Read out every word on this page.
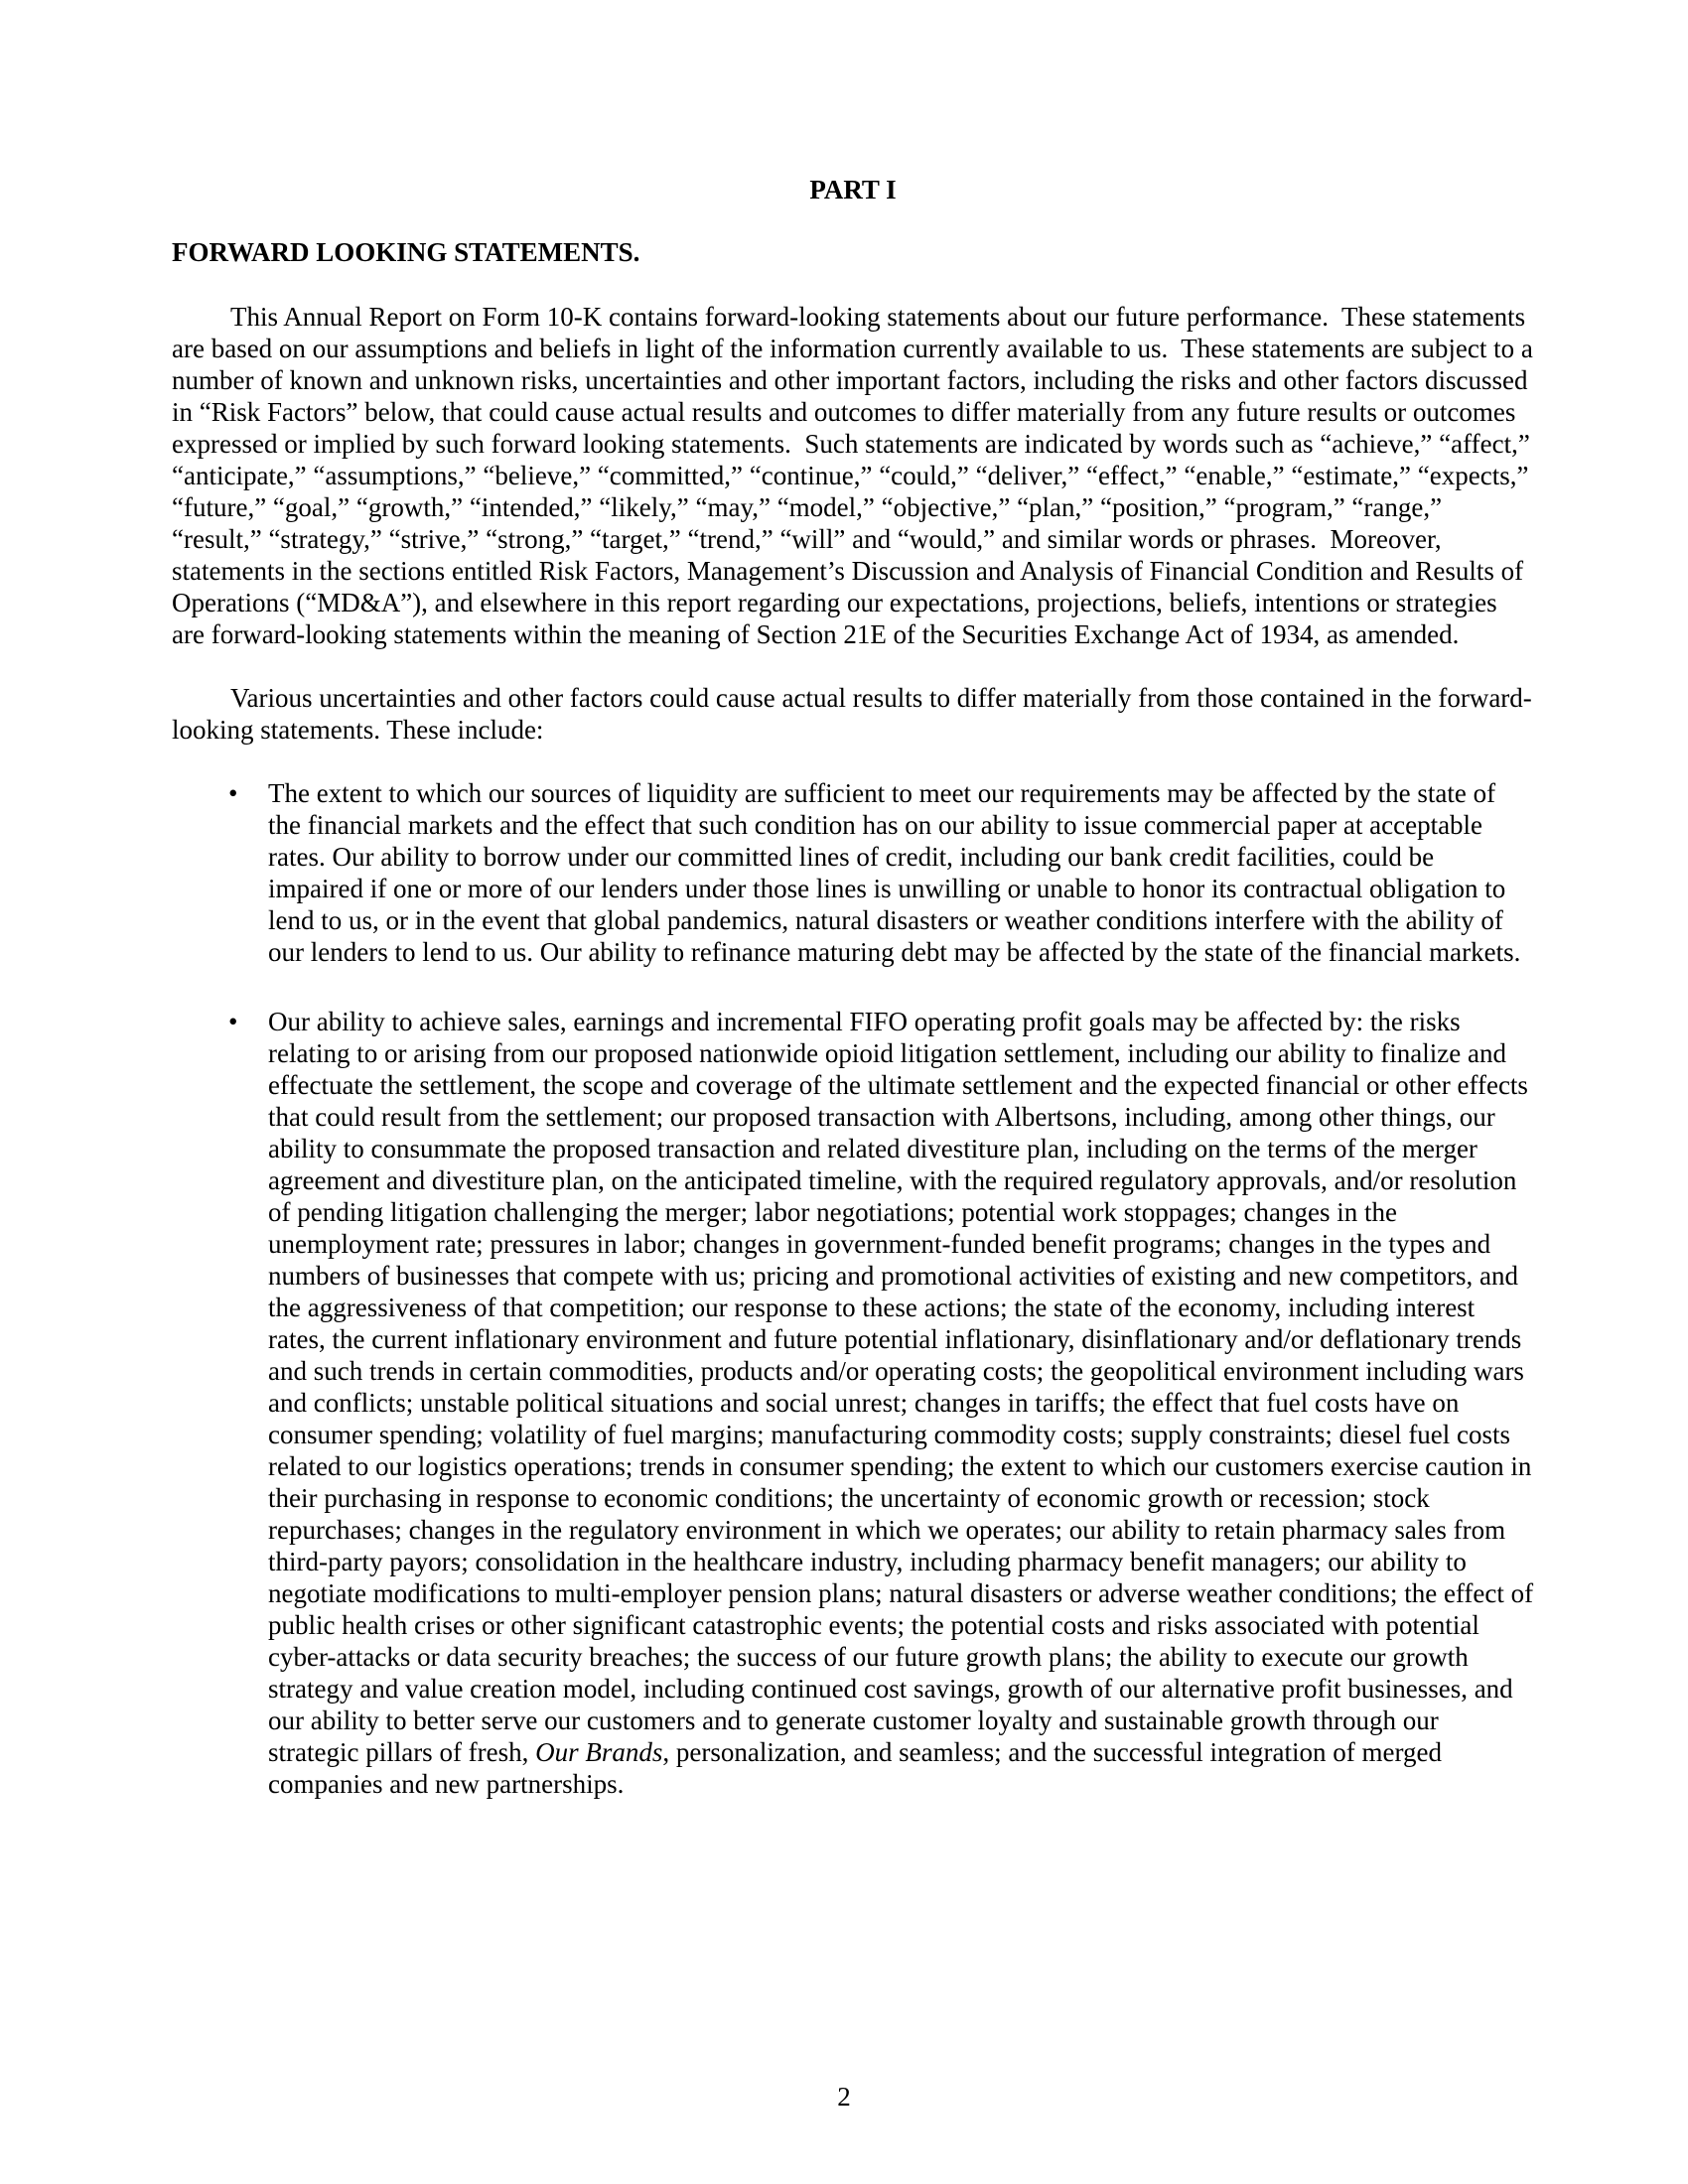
PART I
FORWARD LOOKING STATEMENTS.

This Annual Report on Form 10-K contains forward-looking statements about our future performance.  These statements are based on our assumptions and beliefs in light of the information currently available to us.  These statements are subject to a number of known and unknown risks, uncertainties and other important factors, including the risks and other factors discussed in “Risk Factors” below, that could cause actual results and outcomes to differ materially from any future results or outcomes expressed or implied by such forward looking statements.  Such statements are indicated by words such as “achieve,” “affect,” “anticipate,” “assumptions,” “believe,” “committed,” “continue,” “could,” “deliver,” “effect,” “enable,” “estimate,” “expects,” “future,” “goal,” “growth,” “intended,” “likely,” “may,” “model,” “objective,” “plan,” “position,” “program,” “range,” “result,” “strategy,” “strive,” “strong,” “target,” “trend,” “will” and “would,” and similar words or phrases.  Moreover, statements in the sections entitled Risk Factors, Management’s Discussion and Analysis of Financial Condition and Results of Operations (“MD&A”), and elsewhere in this report regarding our expectations, projections, beliefs, intentions or strategies are forward-looking statements within the meaning of Section 21E of the Securities Exchange Act of 1934, as amended.

Various uncertainties and other factors could cause actual results to differ materially from those contained in the forward-looking statements. These include:

• The extent to which our sources of liquidity are sufficient to meet our requirements may be affected by the state of the financial markets and the effect that such condition has on our ability to issue commercial paper at acceptable rates. Our ability to borrow under our committed lines of credit, including our bank credit facilities, could be impaired if one or more of our lenders under those lines is unwilling or unable to honor its contractual obligation to lend to us, or in the event that global pandemics, natural disasters or weather conditions interfere with the ability of our lenders to lend to us. Our ability to refinance maturing debt may be affected by the state of the financial markets.
• Our ability to achieve sales, earnings and incremental FIFO operating profit goals may be affected by: the risks relating to or arising from our proposed nationwide opioid litigation settlement, including our ability to finalize and effectuate the settlement, the scope and coverage of the ultimate settlement and the expected financial or other effects that could result from the settlement; our proposed transaction with Albertsons, including, among other things, our ability to consummate the proposed transaction and related divestiture plan, including on the terms of the merger agreement and divestiture plan, on the anticipated timeline, with the required regulatory approvals, and/or resolution of pending litigation challenging the merger; labor negotiations; potential work stoppages; changes in the unemployment rate; pressures in labor; changes in government-funded benefit programs; changes in the types and numbers of businesses that compete with us; pricing and promotional activities of existing and new competitors, and the aggressiveness of that competition; our response to these actions; the state of the economy, including interest rates, the current inflationary environment and future potential inflationary, disinflationary and/or deflationary trends and such trends in certain commodities, products and/or operating costs; the geopolitical environment including wars and conflicts; unstable political situations and social unrest; changes in tariffs; the effect that fuel costs have on consumer spending; volatility of fuel margins; manufacturing commodity costs; supply constraints; diesel fuel costs related to our logistics operations; trends in consumer spending; the extent to which our customers exercise caution in their purchasing in response to economic conditions; the uncertainty of economic growth or recession; stock repurchases; changes in the regulatory environment in which we operates; our ability to retain pharmacy sales from third-party payors; consolidation in the healthcare industry, including pharmacy benefit managers; our ability to negotiate modifications to multi-employer pension plans; natural disasters or adverse weather conditions; the effect of public health crises or other significant catastrophic events; the potential costs and risks associated with potential cyber-attacks or data security breaches; the success of our future growth plans; the ability to execute our growth strategy and value creation model, including continued cost savings, growth of our alternative profit businesses, and our ability to better serve our customers and to generate customer loyalty and sustainable growth through our strategic pillars of fresh, Our Brands, personalization, and seamless; and the successful integration of merged companies and new partnerships.
2
